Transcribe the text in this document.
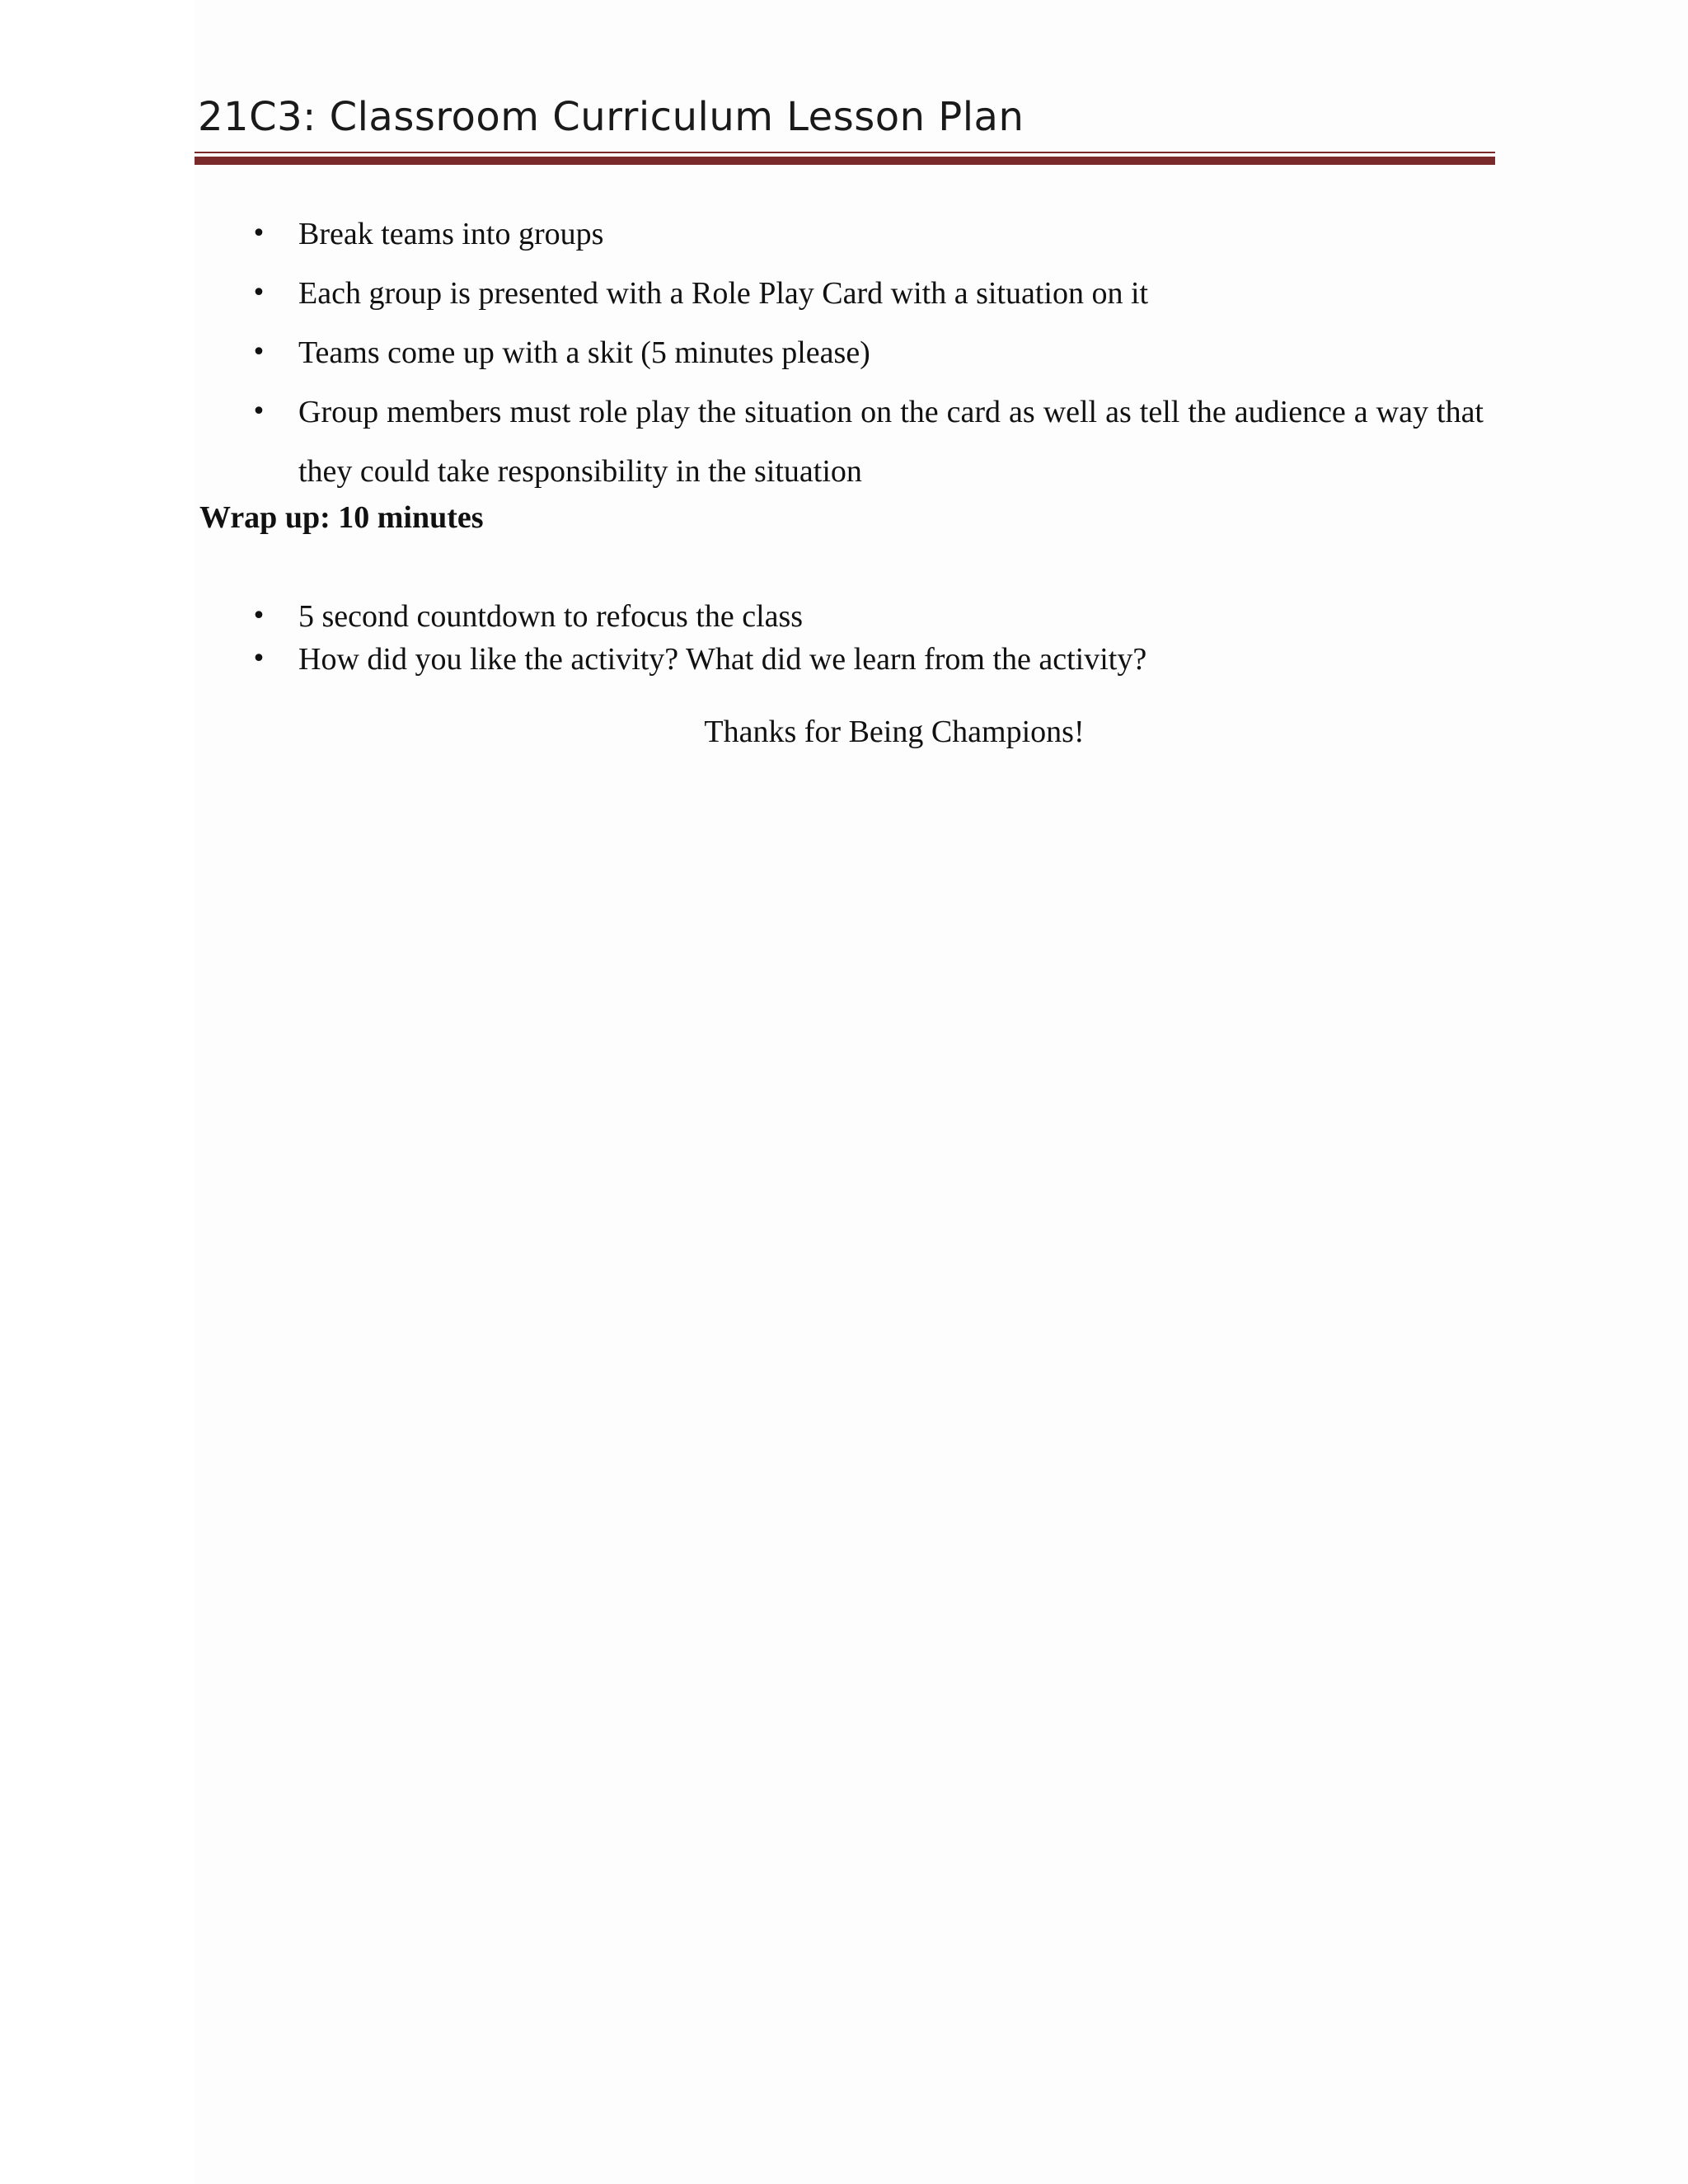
21C3: Classroom Curriculum Lesson Plan
• Break teams into groups
• Each group is presented with a Role Play Card with a situation on it
• Teams come up with a skit (5 minutes please)
• Group members must role play the situation on the card as well as tell the audience a way that they could take responsibility in the situation
Wrap up: 10 minutes
• 5 second countdown to refocus the class
• How did you like the activity? What did we learn from the activity?
Thanks for Being Champions!
